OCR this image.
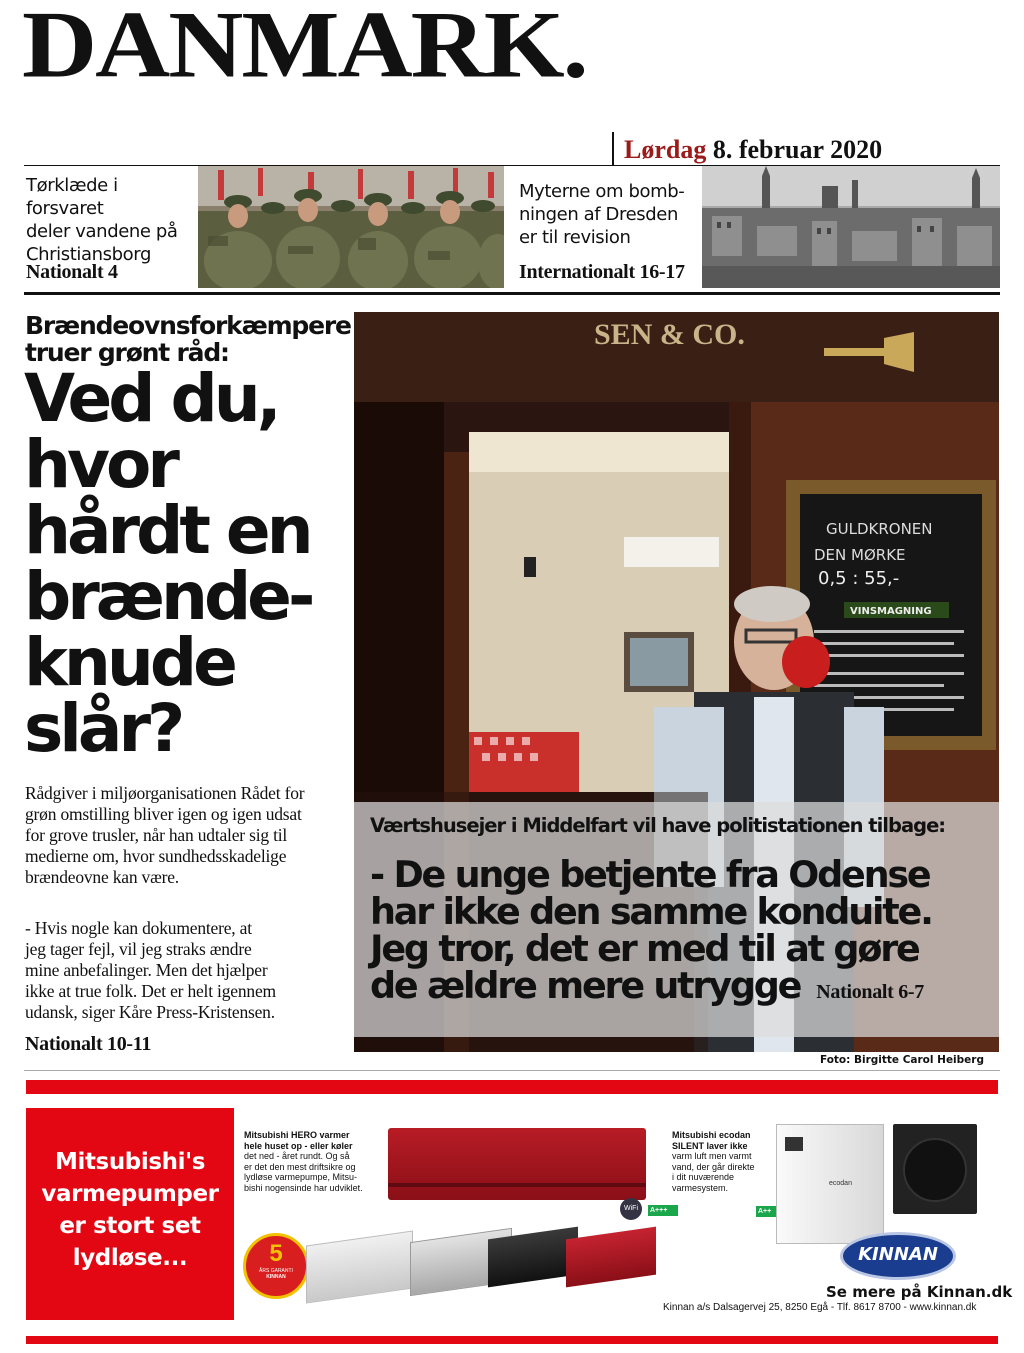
DANMARK.
Lørdag 8. februar 2020
Tørklæde i forsvaret
deler vandene på
Christiansborg
Nationalt 4
Myterne om bomb-
ningen af Dresden
er til revision
Internationalt 16-17
Brændeovnsforkæmpere
truer grønt råd:
Ved du,
hvor
hårdt en
brænde-
knude
slår?
Rådgiver i miljøorganisationen Rådet for
grøn omstilling bliver igen og igen udsat
for grove trusler, når han udtaler sig til
medierne om, hvor sundhedsskadelige
brændeovne kan være.
- Hvis nogle kan dokumentere, at
jeg tager fejl, vil jeg straks ændre
mine anbefalinger. Men det hjælper
ikke at true folk. Det er helt igennem
udansk, siger Kåre Press-Kristensen.
Nationalt 10-11
SEN & CO.
GULDKRONEN
DEN MØRKE
0,5 : 55,-
VINSMAGNING
Værtshusejer i Middelfart vil have politistationen tilbage:
- De unge betjente fra Odense
har ikke den samme konduite.
Jeg tror, det er med til at gøre
de ældre mere utrygge Nationalt 6-7
Foto: Birgitte Carol Heiberg
Mitsubishi's
varmepumper
er stort set
lydløse...
Mitsubishi HERO varmer
hele huset op - eller køler
det ned - året rundt. Og så
er det den mest driftsikre og
lydløse varmepumpe, Mitsu-
bishi nogensinde har udviklet.
WiFi	A+++
5
ÅRS GARANTI
KINNAN
Mitsubishi ecodan
SILENT laver ikke
varm luft men varmt
vand, der går direkte
i dit nuværende
varmesystem.
A++
ecodan
KINNAN
Se mere på Kinnan.dk
Kinnan a/s Dalsagervej 25, 8250 Egå - Tlf. 8617 8700 - www.kinnan.dk
